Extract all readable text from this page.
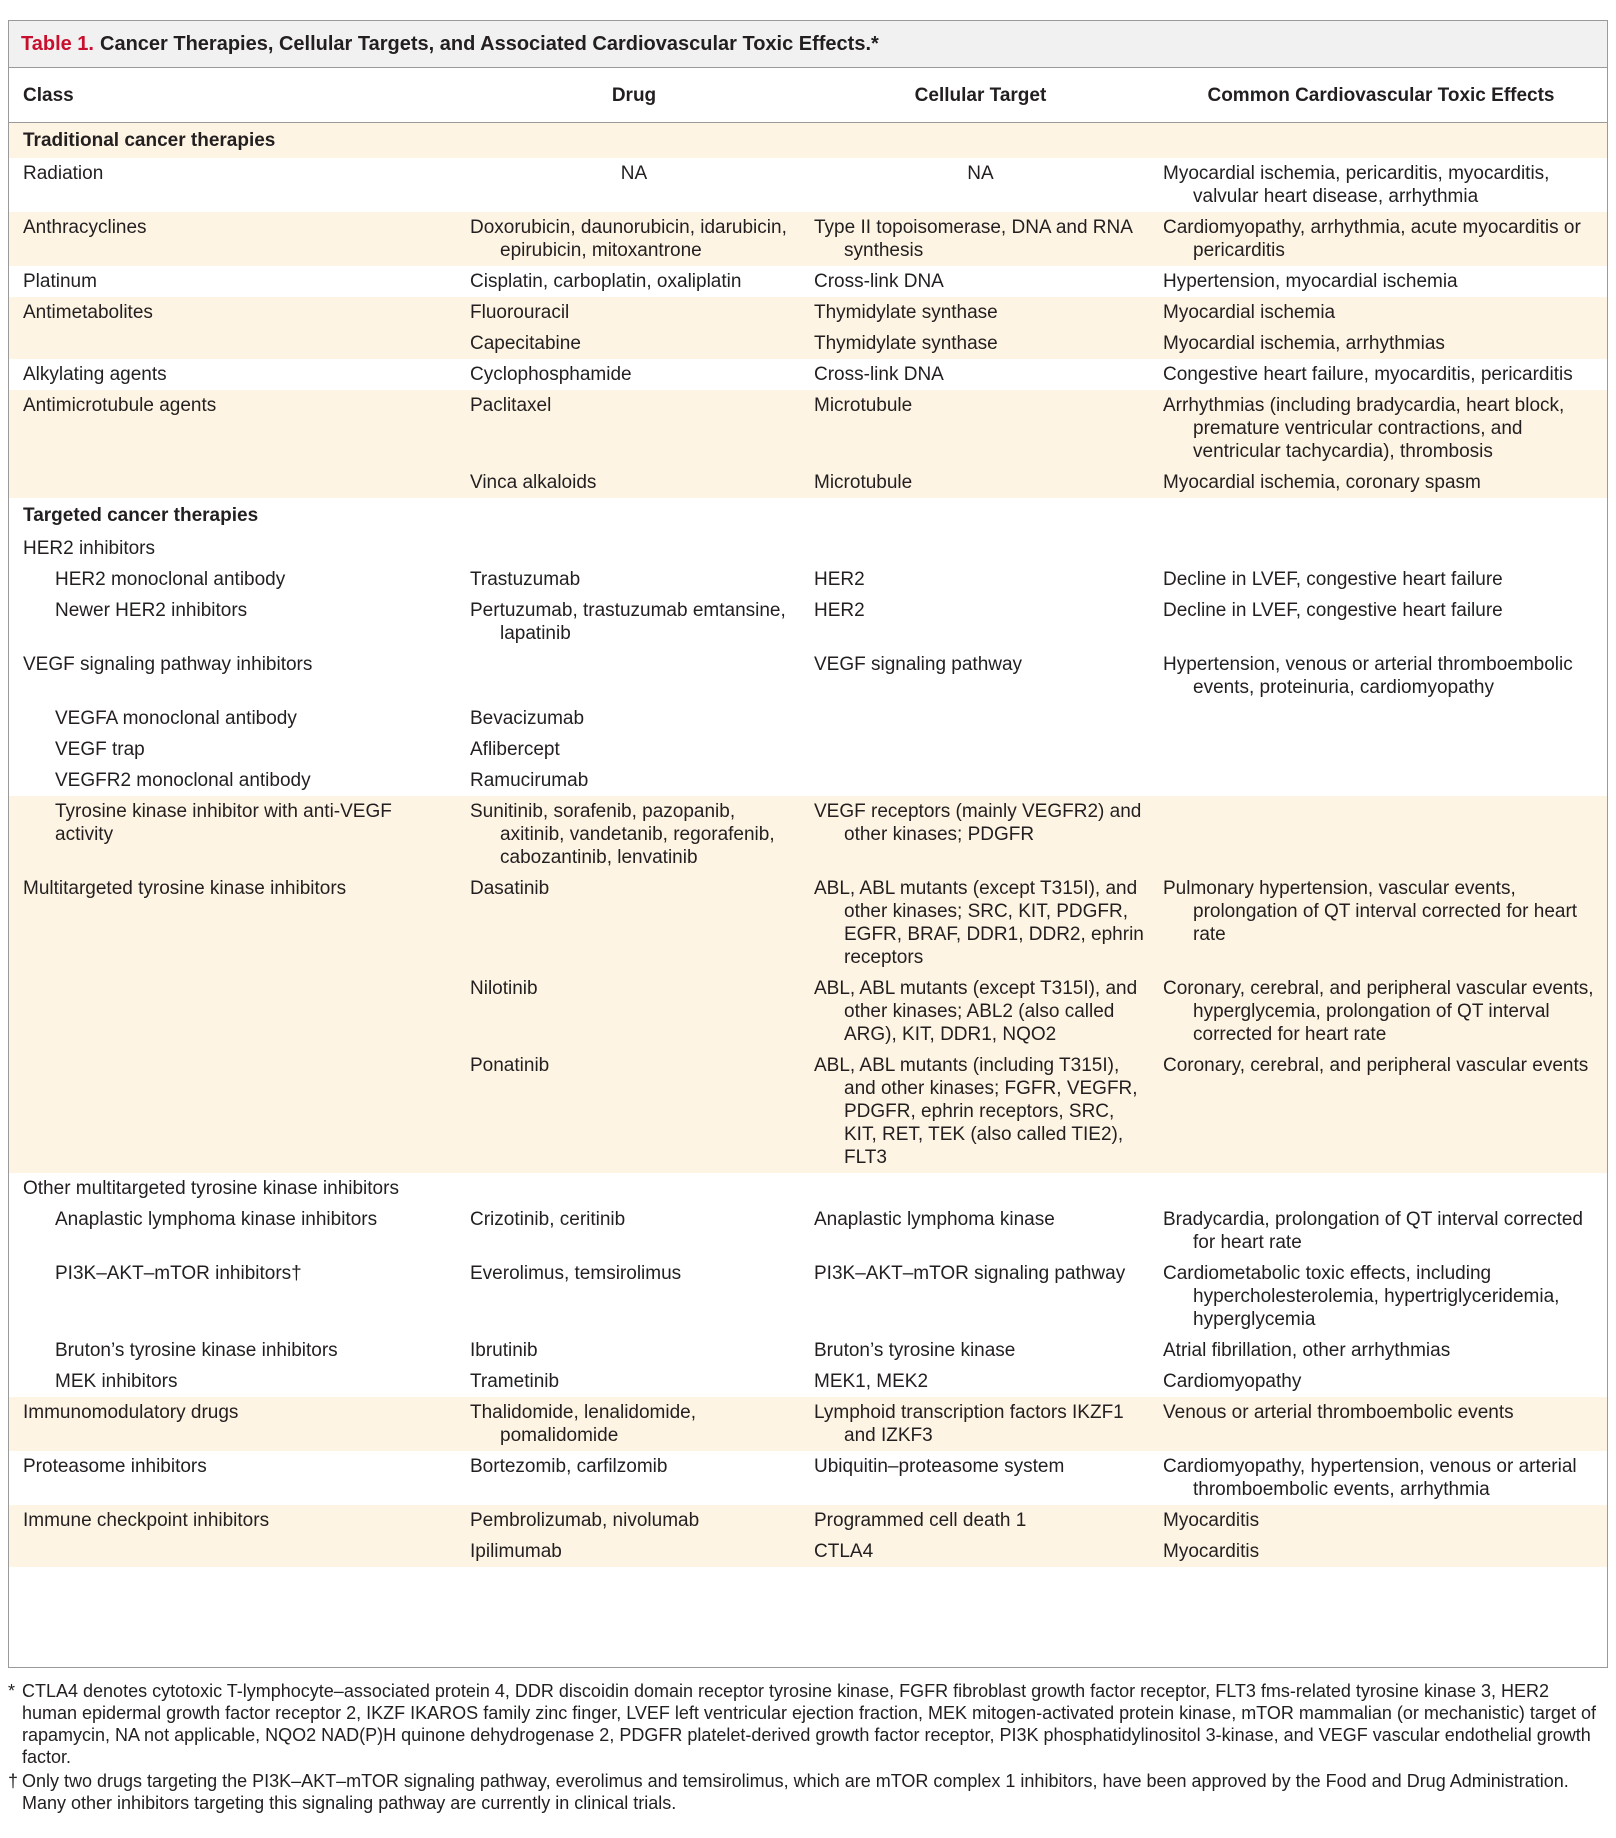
Table 1. Cancer Therapies, Cellular Targets, and Associated Cardiovascular Toxic Effects.*
Class	Drug	Cellular Target	Common Cardiovascular Toxic Effects
Traditional cancer therapies			

Radiation	NA	NA	Myocardial ischemia, pericarditis, myocarditis, valvular heart disease, arrhythmia

Anthracyclines	Doxorubicin, daunorubicin, idarubicin, epirubicin, mitoxantrone	Type II topoisomerase, DNA and RNA synthesis	Cardiomyopathy, arrhythmia, acute myocarditis or pericarditis

Platinum	Cisplatin, carboplatin, oxaliplatin	Cross-link DNA	Hypertension, myocardial ischemia

Antimetabolites	Fluorouracil	Thymidylate synthase	Myocardial ischemia

	Capecitabine	Thymidylate synthase	Myocardial ischemia, arrhythmias

Alkylating agents	Cyclophosphamide	Cross-link DNA	Congestive heart failure, myocarditis, pericarditis

Antimicrotubule agents	Paclitaxel	Microtubule	Arrhythmias (including bradycardia, heart block, premature ventricular contractions, and ventricular tachycardia), thrombosis

	Vinca alkaloids	Microtubule	Myocardial ischemia, coronary spasm

Targeted cancer therapies			

HER2 inhibitors			

HER2 monoclonal antibody	Trastuzumab	HER2	Decline in LVEF, congestive heart failure

Newer HER2 inhibitors	Pertuzumab, trastuzumab emtansine, lapatinib	HER2	Decline in LVEF, congestive heart failure

VEGF signaling pathway inhibitors		VEGF signaling pathway	Hypertension, venous or arterial thromboembolic events, proteinuria, cardiomyopathy

VEGFA monoclonal antibody	Bevacizumab		

VEGF trap	Aflibercept		

VEGFR2 monoclonal antibody	Ramucirumab		

Tyrosine kinase inhibitor with anti-VEGF activity	Sunitinib, sorafenib, pazopanib, axitinib, vandetanib, regorafenib, cabozantinib, lenvatinib	VEGF receptors (mainly VEGFR2) and other kinases; PDGFR	

Multitargeted tyrosine kinase inhibitors	Dasatinib	ABL, ABL mutants (except T315I), and other kinases; SRC, KIT, PDGFR, EGFR, BRAF, DDR1, DDR2, ephrin receptors	Pulmonary hypertension, vascular events, prolongation of QT interval corrected for heart rate

	Nilotinib	ABL, ABL mutants (except T315I), and other kinases; ABL2 (also called ARG), KIT, DDR1, NQO2	Coronary, cerebral, and peripheral vascular events, hyperglycemia, prolongation of QT interval corrected for heart rate

	Ponatinib	ABL, ABL mutants (including T315I), and other kinases; FGFR, VEGFR, PDGFR, ephrin receptors, SRC, KIT, RET, TEK (also called TIE2), FLT3	Coronary, cerebral, and peripheral vascular events

Other multitargeted tyrosine kinase inhibitors			

Anaplastic lymphoma kinase inhibitors	Crizotinib, ceritinib	Anaplastic lymphoma kinase	Bradycardia, prolongation of QT interval corrected for heart rate

PI3K–AKT–mTOR inhibitors†	Everolimus, temsirolimus	PI3K–AKT–mTOR signaling pathway	Cardiometabolic toxic effects, including hypercholesterolemia, hypertriglyceridemia, hyperglycemia

Bruton’s tyrosine kinase inhibitors	Ibrutinib	Bruton’s tyrosine kinase	Atrial fibrillation, other arrhythmias

MEK inhibitors	Trametinib	MEK1, MEK2	Cardiomyopathy

Immunomodulatory drugs	Thalidomide, lenalidomide, pomalidomide	Lymphoid transcription factors IKZF1 and IZKF3	Venous or arterial thromboembolic events

Proteasome inhibitors	Bortezomib, carfilzomib	Ubiquitin–proteasome system	Cardiomyopathy, hypertension, venous or arterial thromboembolic events, arrhythmia

Immune checkpoint inhibitors	Pembrolizumab, nivolumab	Programmed cell death 1	Myocarditis

	Ipilimumab	CTLA4	Myocarditis
* CTLA4 denotes cytotoxic T-lymphocyte–associated protein 4, DDR discoidin domain receptor tyrosine kinase, FGFR fibroblast growth factor receptor, FLT3 fms-related tyrosine kinase 3, HER2 human epidermal growth factor receptor 2, IKZF IKAROS family zinc finger, LVEF left ventricular ejection fraction, MEK mitogen-activated protein kinase, mTOR mammalian (or mechanistic) target of rapamycin, NA not applicable, NQO2 NAD(P)H quinone dehydrogenase 2, PDGFR platelet-derived growth factor receptor, PI3K phosphatidylinositol 3-kinase, and VEGF vascular endothelial growth factor.
† Only two drugs targeting the PI3K–AKT–mTOR signaling pathway, everolimus and temsirolimus, which are mTOR complex 1 inhibitors, have been approved by the Food and Drug Administration. Many other inhibitors targeting this signaling pathway are currently in clinical trials.
